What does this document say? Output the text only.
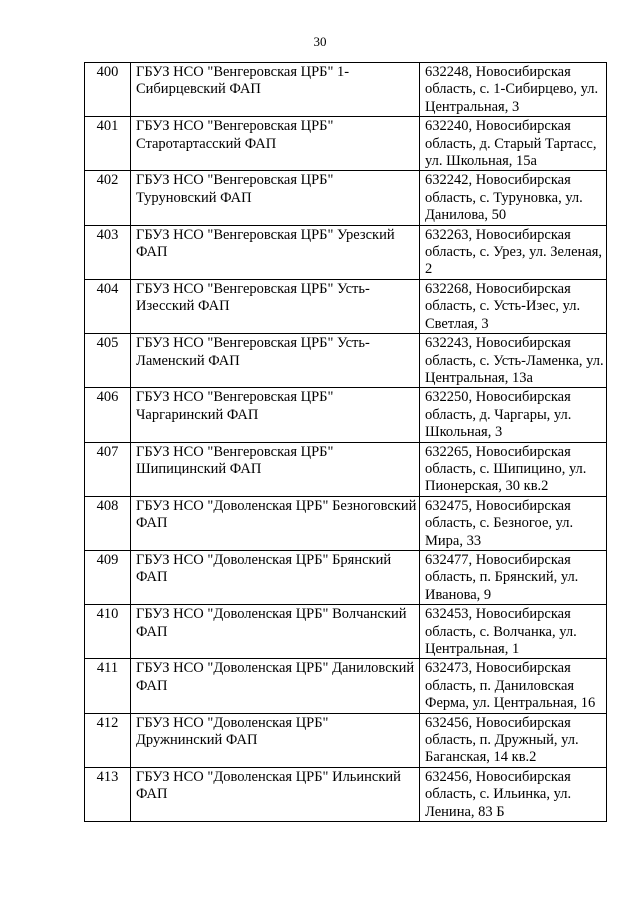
30
400	ГБУЗ НСО "Венгеровская ЦРБ" 1-Сибирцевский ФАП	632248, Новосибирская область, с. 1-Сибирцево, ул. Центральная, 3
401	ГБУЗ НСО "Венгеровская ЦРБ" Старотартасский ФАП	632240, Новосибирская область, д. Старый Тартасс, ул. Школьная, 15а
402	ГБУЗ НСО "Венгеровская ЦРБ" Туруновский ФАП	632242, Новосибирская область, с. Туруновка, ул. Данилова, 50
403	ГБУЗ НСО "Венгеровская ЦРБ" Урезский ФАП	632263, Новосибирская область, с. Урез, ул. Зеленая, 2
404	ГБУЗ НСО "Венгеровская ЦРБ" Усть-Изесский ФАП	632268, Новосибирская область, с. Усть-Изес, ул. Светлая, 3
405	ГБУЗ НСО "Венгеровская ЦРБ" Усть-Ламенский ФАП	632243, Новосибирская область, с. Усть-Ламенка, ул. Центральная, 13а
406	ГБУЗ НСО "Венгеровская ЦРБ" Чаргаринский ФАП	632250, Новосибирская область, д. Чаргары, ул. Школьная, 3
407	ГБУЗ НСО "Венгеровская ЦРБ" Шипицинский ФАП	632265, Новосибирская область, с. Шипицино, ул. Пионерская, 30 кв.2
408	ГБУЗ НСО "Доволенская ЦРБ" Безноговский ФАП	632475, Новосибирская область, с. Безногое, ул. Мира, 33
409	ГБУЗ НСО "Доволенская ЦРБ" Брянский ФАП	632477, Новосибирская область, п. Брянский, ул. Иванова, 9
410	ГБУЗ НСО "Доволенская ЦРБ" Волчанский ФАП	632453, Новосибирская область, с. Волчанка, ул. Центральная, 1
411	ГБУЗ НСО "Доволенская ЦРБ" Даниловский ФАП	632473, Новосибирская область, п. Даниловская Ферма, ул. Центральная, 16
412	ГБУЗ НСО "Доволенская ЦРБ" Дружнинский ФАП	632456, Новосибирская область, п. Дружный, ул. Баганская, 14 кв.2
413	ГБУЗ НСО "Доволенская ЦРБ" Ильинский ФАП	632456, Новосибирская область, с. Ильинка, ул. Ленина, 83 Б
